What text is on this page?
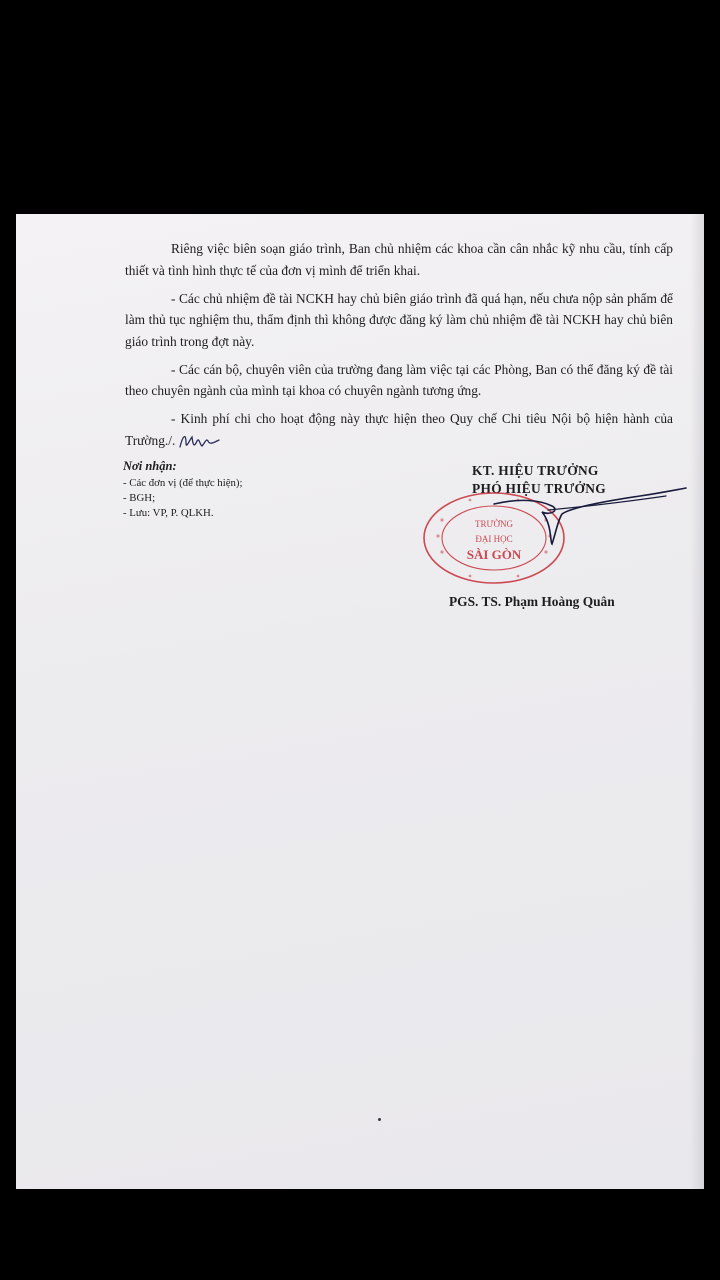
Riêng việc biên soạn giáo trình, Ban chủ nhiệm các khoa cần cân nhắc kỹ nhu cầu, tính cấp thiết và tình hình thực tế của đơn vị mình để triển khai.

- Các chủ nhiệm đề tài NCKH hay chủ biên giáo trình đã quá hạn, nếu chưa nộp sản phẩm để làm thủ tục nghiệm thu, thẩm định thì không được đăng ký làm chủ nhiệm đề tài NCKH hay chủ biên giáo trình trong đợt này.

- Các cán bộ, chuyên viên của trường đang làm việc tại các Phòng, Ban có thể đăng ký đề tài theo chuyên ngành của mình tại khoa có chuyên ngành tương ứng.

- Kinh phí chi cho hoạt động này thực hiện theo Quy chế Chi tiêu Nội bộ hiện hành của Trường./.

Nơi nhận:
- Các đơn vị (để thực hiện);
- BGH;
- Lưu: VP, P. QLKH.
KT. HIỆU TRƯỞNG
PHÓ HIỆU TRƯỞNG
TRƯỜNG
ĐẠI HỌC
SÀI GÒN
PGS. TS. Phạm Hoàng Quân
